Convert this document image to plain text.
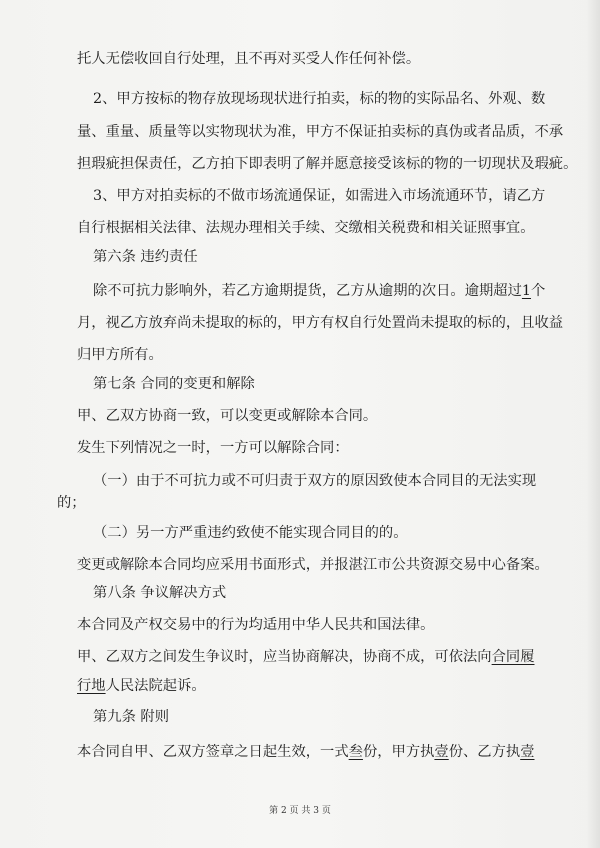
托人无偿收回自行处理，且不再对买受人作任何补偿。

2、甲方按标的物存放现场现状进行拍卖，标的物的实际品名、外观、数

量、重量、质量等以实物现状为准，甲方不保证拍卖标的真伪或者品质，不承

担瑕疵担保责任，乙方拍下即表明了解并愿意接受该标的物的一切现状及瑕疵。

3、甲方对拍卖标的不做市场流通保证，如需进入市场流通环节，请乙方

自行根据相关法律、法规办理相关手续、交缴相关税费和相关证照事宜。

第六条 违约责任

除不可抗力影响外，若乙方逾期提货，乙方从逾期的次日。逾期超过1个

月，视乙方放弃尚未提取的标的，甲方有权自行处置尚未提取的标的，且收益

归甲方所有。

第七条 合同的变更和解除

甲、乙双方协商一致，可以变更或解除本合同。

发生下列情况之一时，一方可以解除合同：

（一）由于不可抗力或不可归责于双方的原因致使本合同目的无法实现

的；

（二）另一方严重违约致使不能实现合同目的的。

变更或解除本合同均应采用书面形式，并报湛江市公共资源交易中心备案。

第八条 争议解决方式

本合同及产权交易中的行为均适用中华人民共和国法律。

甲、乙双方之间发生争议时，应当协商解决，协商不成，可依法向合同履

行地人民法院起诉。

第九条 附则

本合同自甲、乙双方签章之日起生效，一式叁份，甲方执壹份、乙方执壹

第 2 页 共 3 页
